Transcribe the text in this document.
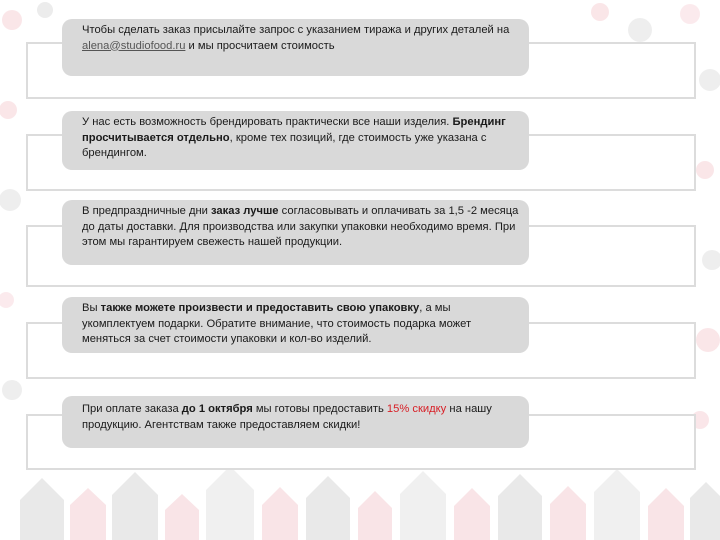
Чтобы сделать заказ присылайте запрос с указанием тиража и других деталей на alena@studiofood.ru и мы просчитаем стоимость
У нас есть возможность брендировать практически все наши изделия. Брендинг просчитывается отдельно, кроме тех позиций, где стоимость уже указана с брендингом.
В предпраздничные дни заказ лучше согласовывать и оплачивать за 1,5 -2 месяца до даты доставки. Для производства или закупки упаковки необходимо время. При этом мы гарантируем свежесть нашей продукции.
Вы также можете произвести и предоставить свою упаковку, а мы укомплектуем подарки. Обратите внимание, что стоимость подарка может меняться за счет стоимости упаковки и кол-во изделий.
При оплате заказа до 1 октября мы готовы предоставить 15% скидку на нашу продукцию. Агентствам также предоставляем скидки!
